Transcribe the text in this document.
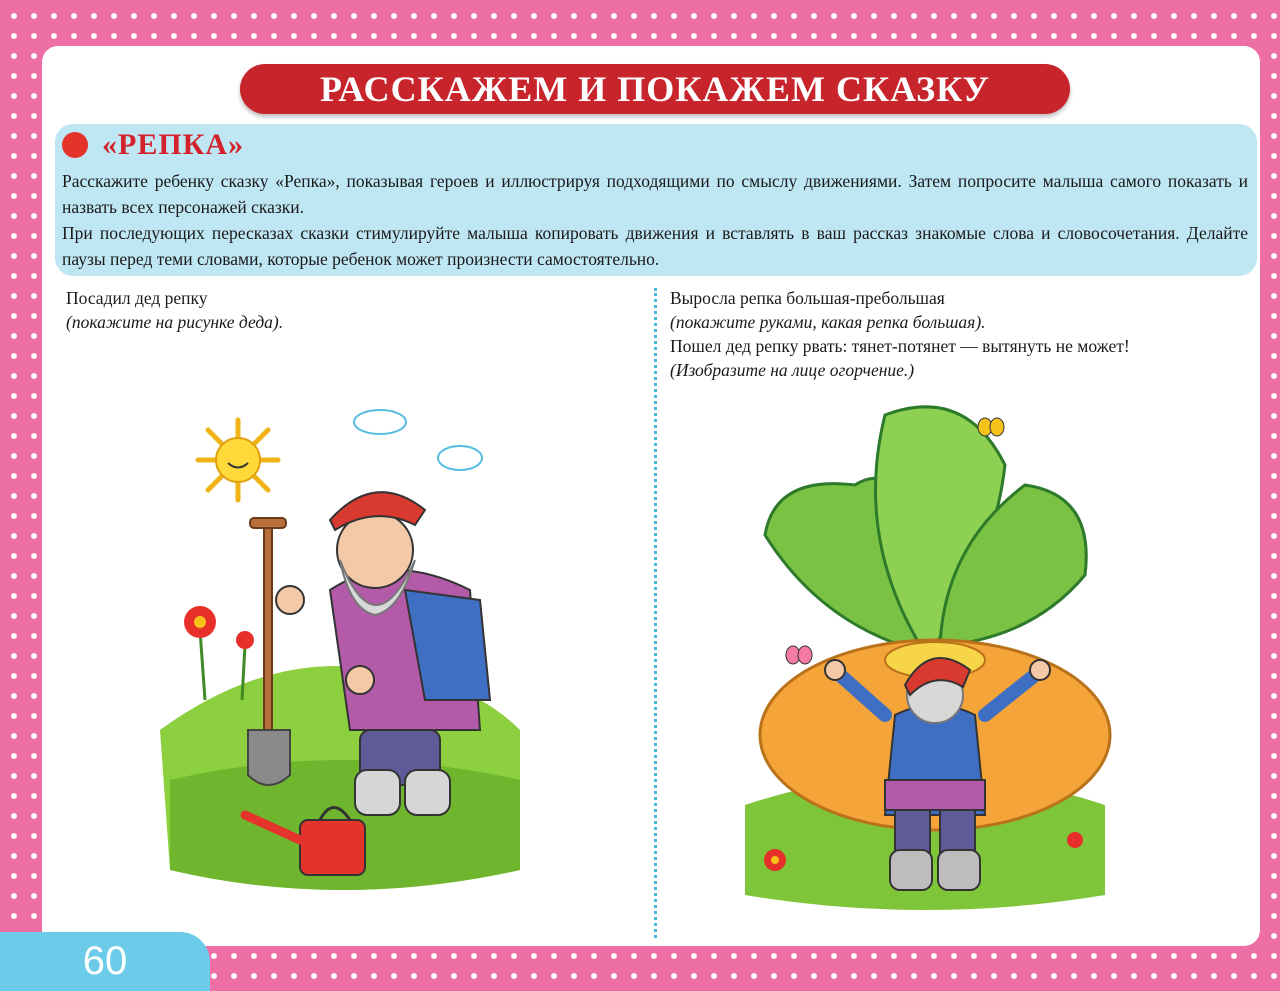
РАССКАЖЕМ И ПОКАЖЕМ СКАЗКУ
«РЕПКА»

Расскажите ребенку сказку «Репка», показывая героев и иллюстрируя подходящими по смыслу движениями. Затем попросите малыша самого показать и назвать всех персонажей сказки.

При последующих пересказах сказки стимулируйте малыша копировать движения и вставлять в ваш рассказ знакомые слова и словосочетания. Делайте паузы перед теми словами, которые ребенок может произнести самостоятельно.

Посадил дед репку

(покажите на рисунке деда).

Выросла репка большая-пребольшая

(покажите руками, какая репка большая).

Пошел дед репку рвать: тянет-потянет — вытянуть не может! (Изобразите на лице огорчение.)

60
